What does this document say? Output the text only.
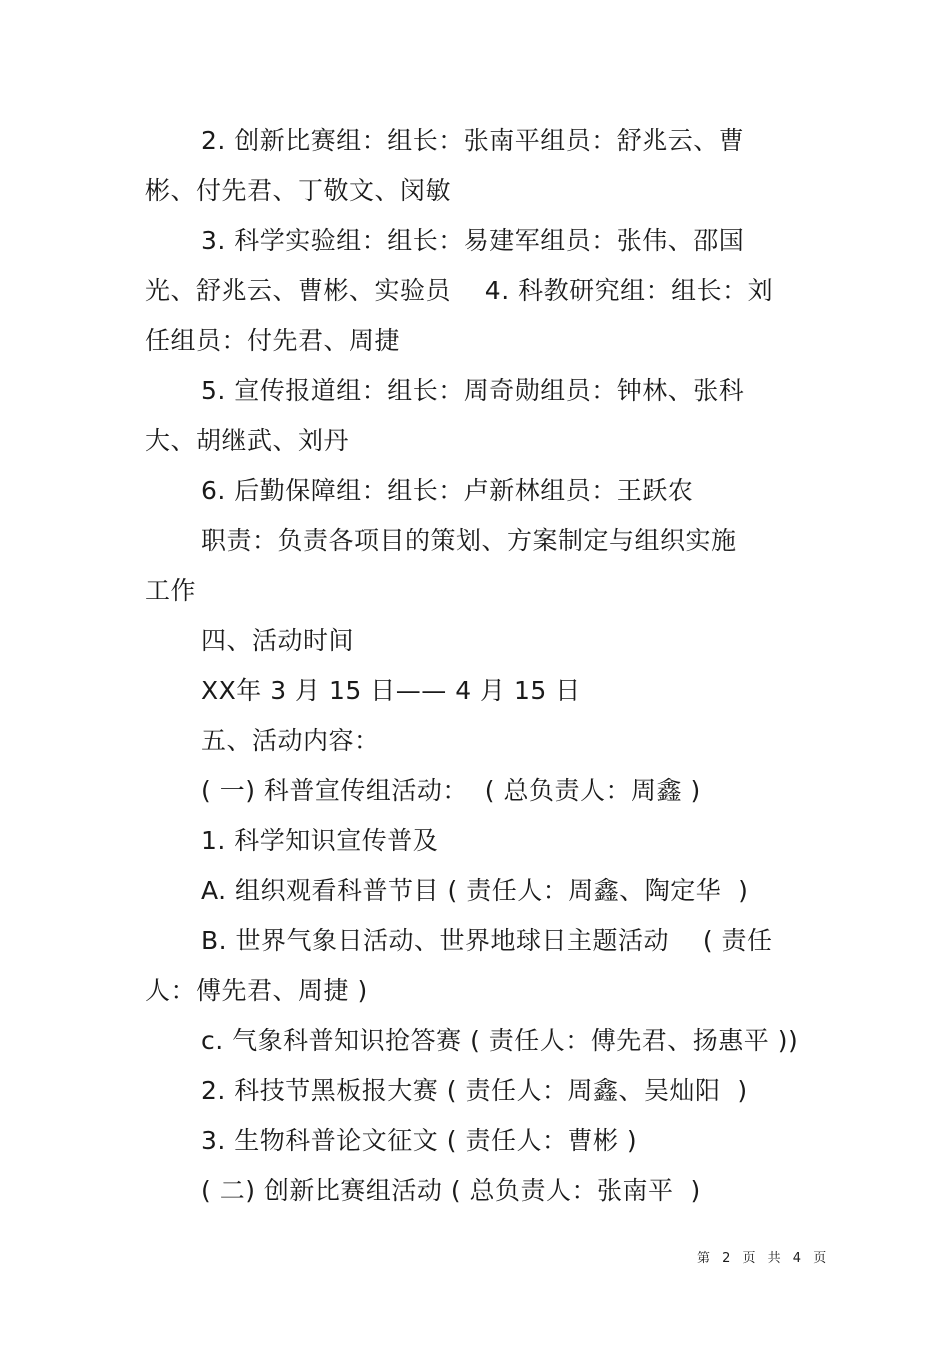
2. 创新比赛组：组长：张南平组员：舒兆云、曹
彬、付先君、丁敬文、闵敏
3. 科学实验组：组长：易建军组员：张伟、邵国
光、舒兆云、曹彬、实验员    4. 科教研究组：组长：刘
任组员：付先君、周捷
5. 宣传报道组：组长：周奇勋组员：钟林、张科
大、胡继武、刘丹
6. 后勤保障组：组长：卢新林组员：王跃农
职责：负责各项目的策划、方案制定与组织实施
工作
四、活动时间
XX年 3 月 15 日—— 4 月 15 日
五、活动内容：
( 一) 科普宣传组活动：  ( 总负责人：周鑫 )
1. 科学知识宣传普及
A. 组织观看科普节目 ( 责任人：周鑫、陶定华  )
B. 世界气象日活动、世界地球日主题活动    ( 责任
人：傅先君、周捷 )
c. 气象科普知识抢答赛 ( 责任人：傅先君、扬惠平 ))
2. 科技节黑板报大赛 ( 责任人：周鑫、吴灿阳  )
3. 生物科普论文征文 ( 责任人：曹彬 )
( 二) 创新比赛组活动 ( 总负责人：张南平  )
第 2 页 共 4 页
